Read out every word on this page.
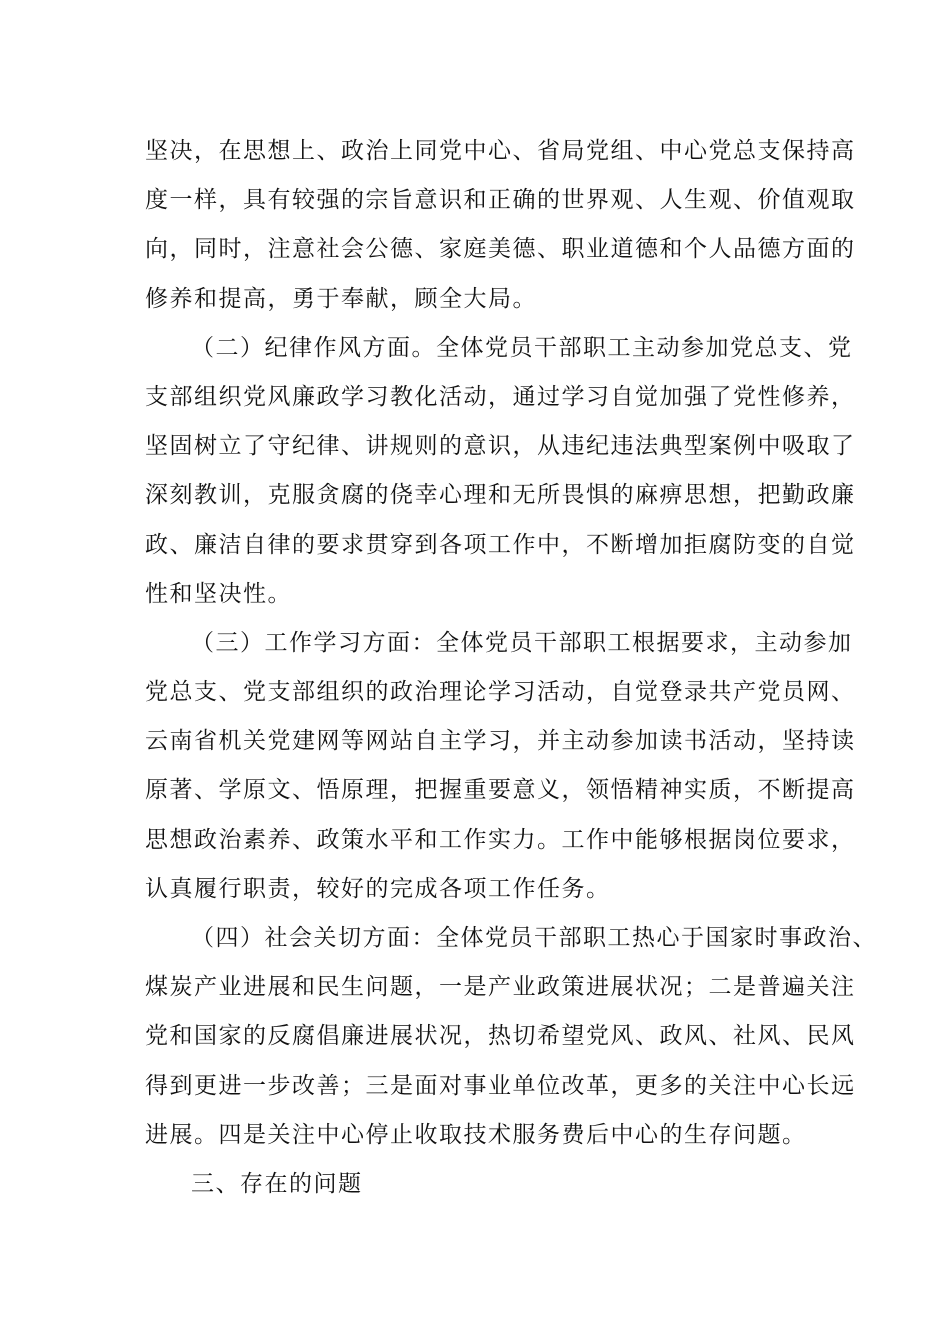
坚决，在思想上、政治上同党中心、省局党组、中心党总支保持高
度一样，具有较强的宗旨意识和正确的世界观、人生观、价值观取
向，同时，注意社会公德、家庭美德、职业道德和个人品德方面的
修养和提高，勇于奉献，顾全大局。
（二）纪律作风方面。全体党员干部职工主动参加党总支、党
支部组织党风廉政学习教化活动，通过学习自觉加强了党性修养，
坚固树立了守纪律、讲规则的意识，从违纪违法典型案例中吸取了
深刻教训，克服贪腐的侥幸心理和无所畏惧的麻痹思想，把勤政廉
政、廉洁自律的要求贯穿到各项工作中，不断增加拒腐防变的自觉
性和坚决性。
（三）工作学习方面：全体党员干部职工根据要求，主动参加
党总支、党支部组织的政治理论学习活动，自觉登录共产党员网、
云南省机关党建网等网站自主学习，并主动参加读书活动，坚持读
原著、学原文、悟原理，把握重要意义，领悟精神实质，不断提高
思想政治素养、政策水平和工作实力。工作中能够根据岗位要求，
认真履行职责，较好的完成各项工作任务。
（四）社会关切方面：全体党员干部职工热心于国家时事政治、
煤炭产业进展和民生问题，一是产业政策进展状况；二是普遍关注
党和国家的反腐倡廉进展状况，热切希望党风、政风、社风、民风
得到更进一步改善；三是面对事业单位改革，更多的关注中心长远
进展。四是关注中心停止收取技术服务费后中心的生存问题。
三、存在的问题
